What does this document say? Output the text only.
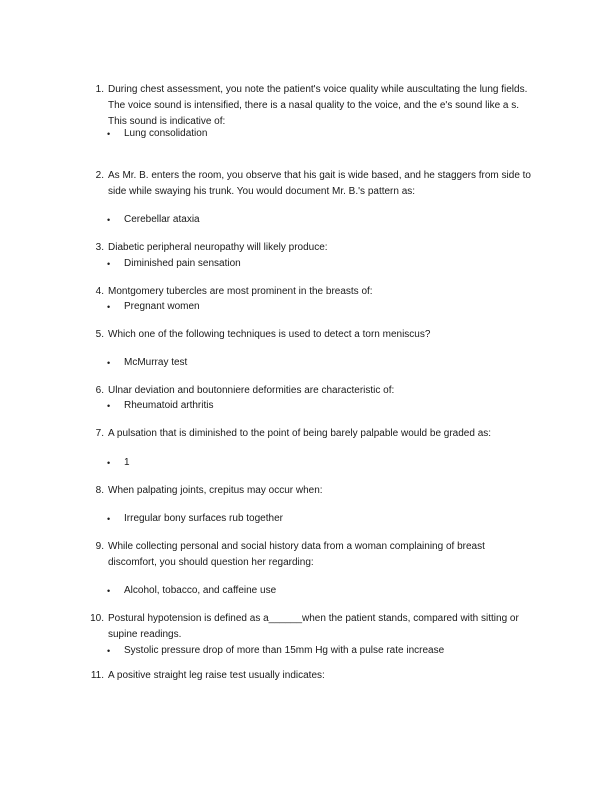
1. During chest assessment, you note the patient's voice quality while auscultating the lung fields. The voice sound is intensified, there is a nasal quality to the voice, and the e's sound like a s. This sound is indicative of:
• Lung consolidation
2. As Mr. B. enters the room, you observe that his gait is wide based, and he staggers from side to side while swaying his trunk. You would document Mr. B.'s pattern as:
• Cerebellar ataxia
3. Diabetic peripheral neuropathy will likely produce:
• Diminished pain sensation
4. Montgomery tubercles are most prominent in the breasts of:
• Pregnant women
5. Which one of the following techniques is used to detect a torn meniscus?
• McMurray test
6. Ulnar deviation and boutonniere deformities are characteristic of:
• Rheumatoid arthritis
7. A pulsation that is diminished to the point of being barely palpable would be graded as:
• 1
8. When palpating joints, crepitus may occur when:
• Irregular bony surfaces rub together
9. While collecting personal and social history data from a woman complaining of breast discomfort, you should question her regarding:
• Alcohol, tobacco, and caffeine use
10. Postural hypotension is defined as a______when the patient stands, compared with sitting or supine readings.
• Systolic pressure drop of more than 15mm Hg with a pulse rate increase
11. A positive straight leg raise test usually indicates:
